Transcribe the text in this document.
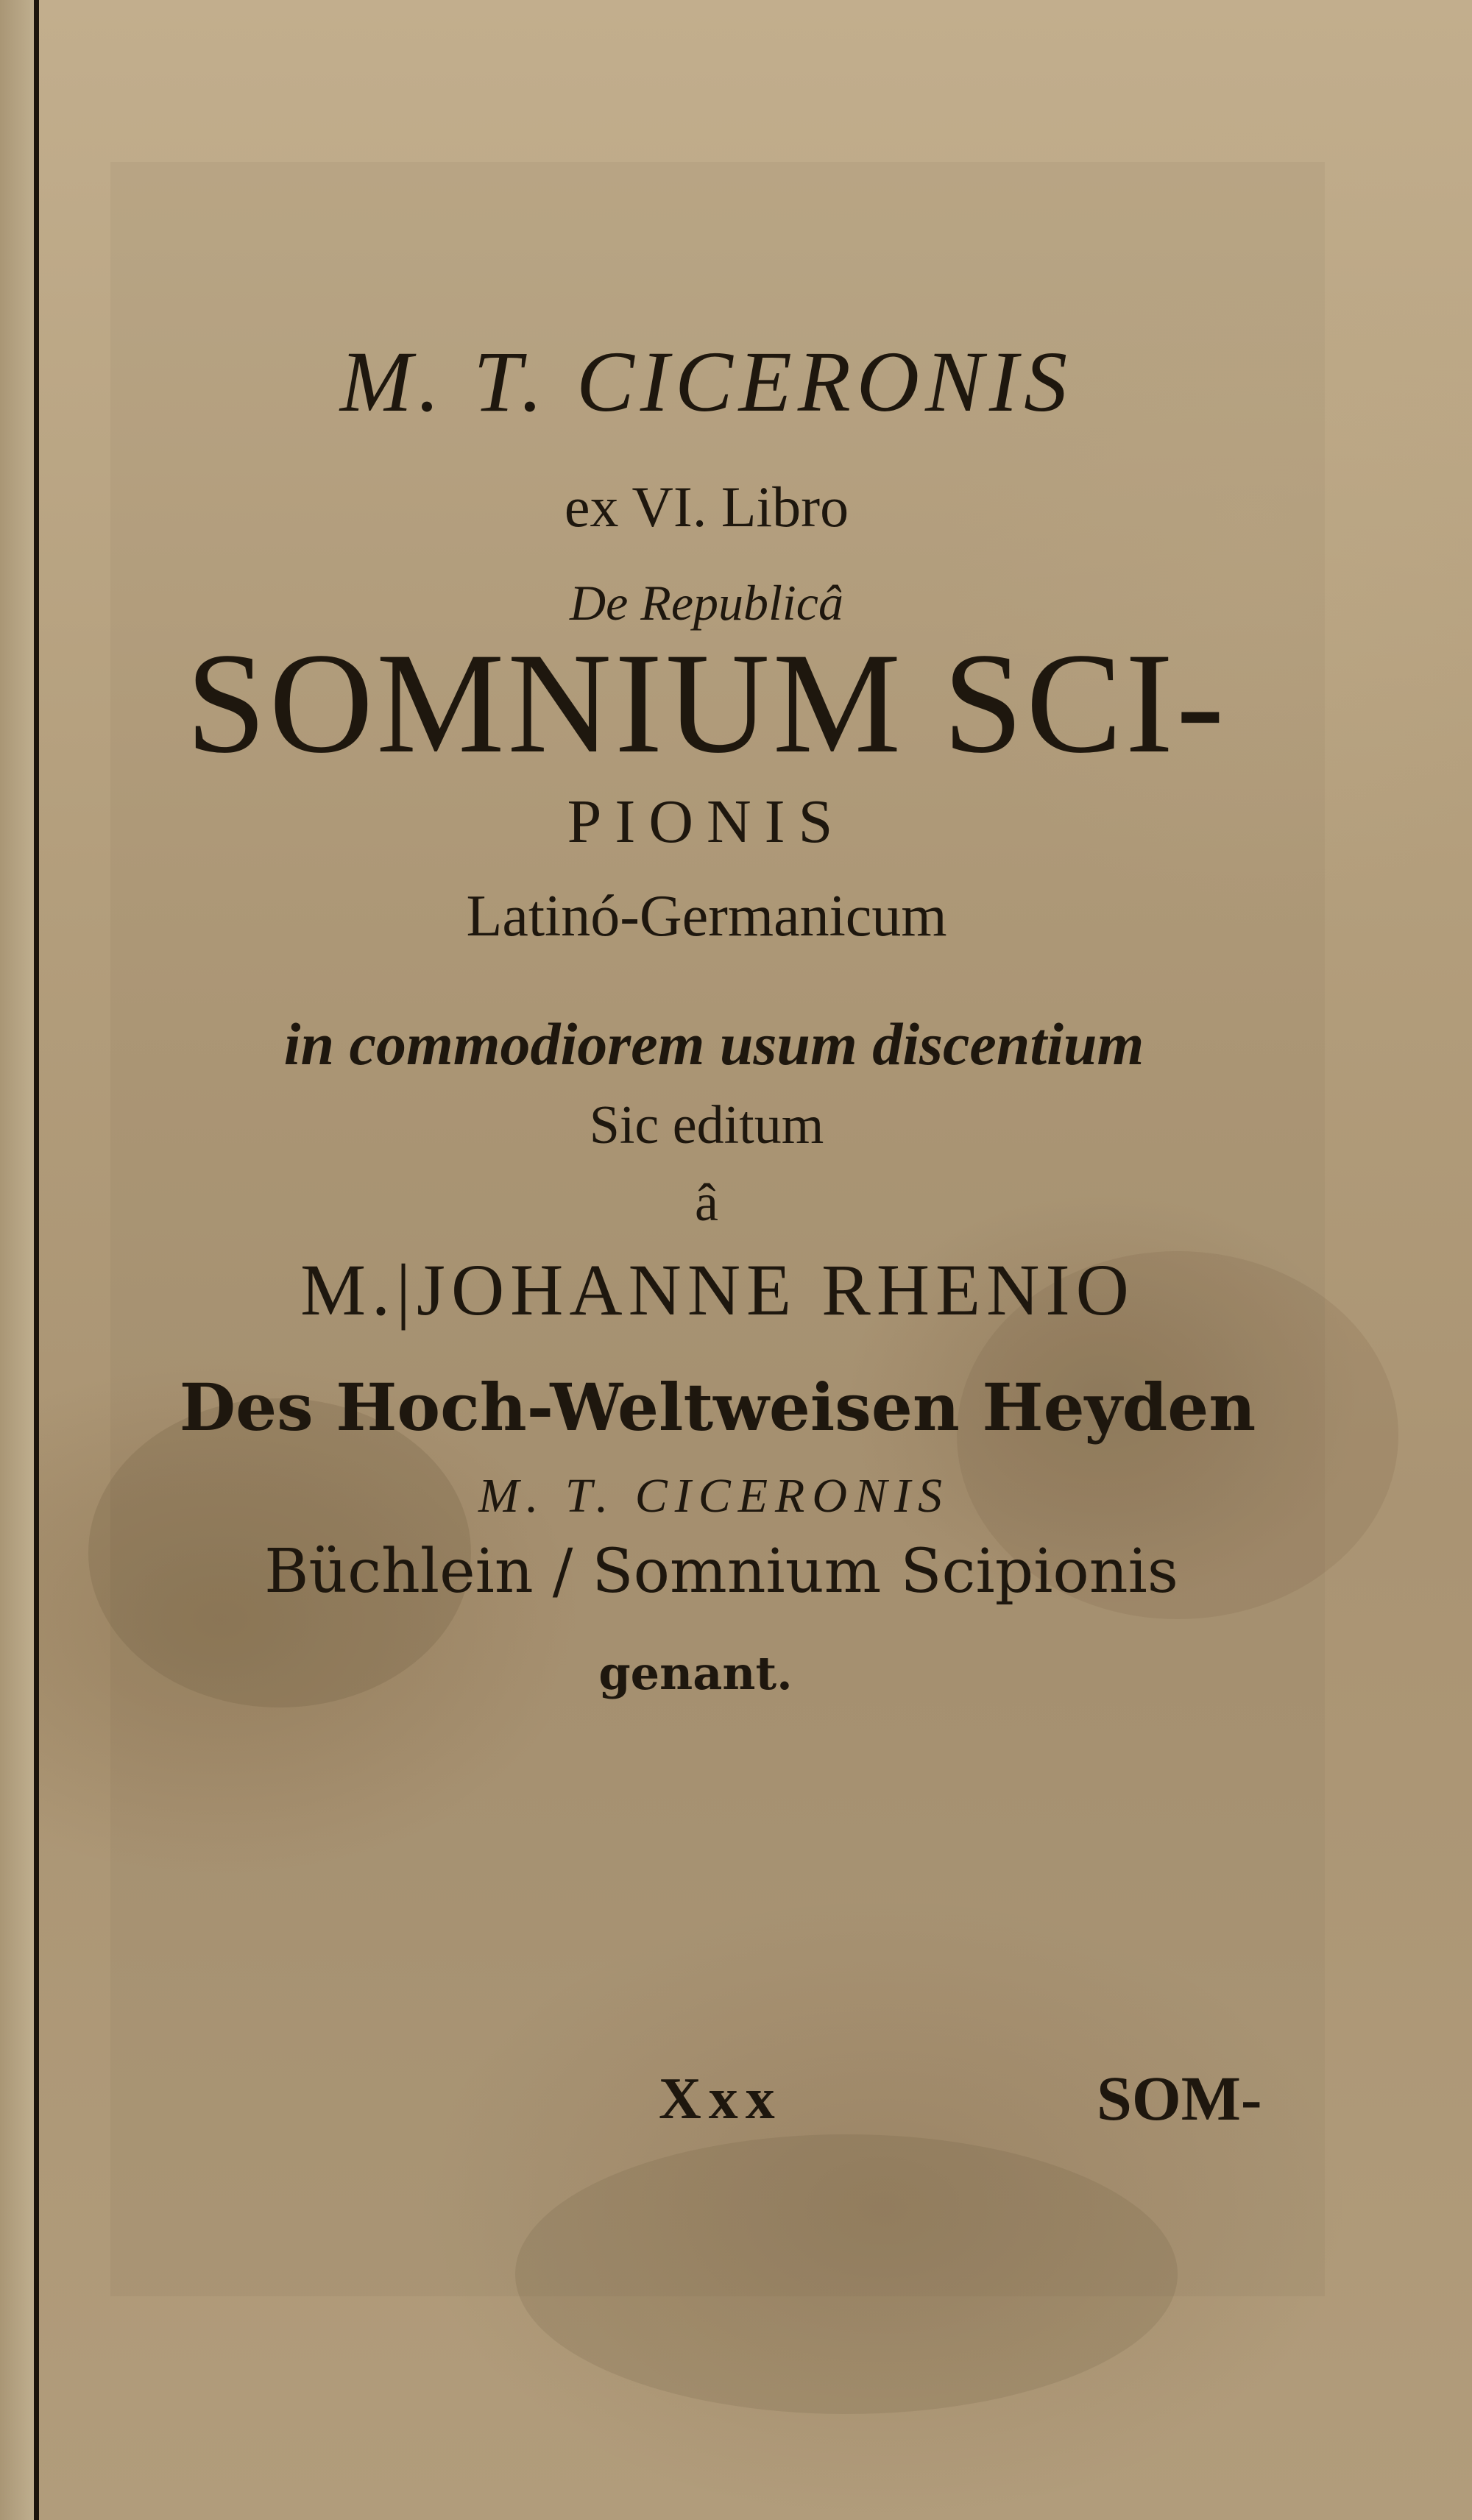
M. T. CICERONIS
ex VI. Libro
De Republicâ
SOMNIUM SCI-
PIONIS
Latinó-Germanicum
in commodiorem usum discentium
Sic editum
â
M.|JOHANNE RHENIO
Des Hoch-Weltweisen Heyden
M. T. CICERONIS
Büchlein / Somnium Scipionis
genant.
Xxx	SOM-
